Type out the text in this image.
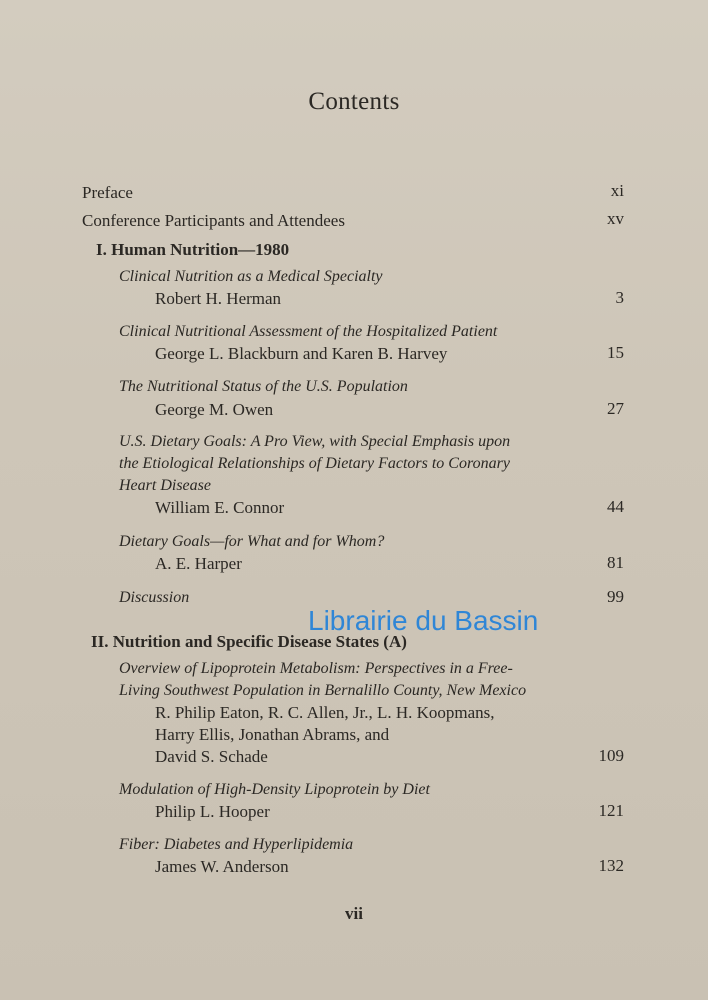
Contents
Preface	xi
Conference Participants and Attendees	xv
I. Human Nutrition—1980
Clinical Nutrition as a Medical Specialty
Robert H. Herman	3
Clinical Nutritional Assessment of the Hospitalized Patient
George L. Blackburn and Karen B. Harvey	15
The Nutritional Status of the U.S. Population
George M. Owen	27
U.S. Dietary Goals: A Pro View, with Special Emphasis upon
the Etiological Relationships of Dietary Factors to Coronary
Heart Disease
William E. Connor	44
Dietary Goals—for What and for Whom?
A. E. Harper	81
Discussion	99
II. Nutrition and Specific Disease States (A)
Overview of Lipoprotein Metabolism: Perspectives in a Free-
Living Southwest Population in Bernalillo County, New Mexico
R. Philip Eaton, R. C. Allen, Jr., L. H. Koopmans,
Harry Ellis, Jonathan Abrams, and
David S. Schade	109
Modulation of High-Density Lipoprotein by Diet
Philip L. Hooper	121
Fiber: Diabetes and Hyperlipidemia
James W. Anderson	132
vii
Librairie du Bassin
